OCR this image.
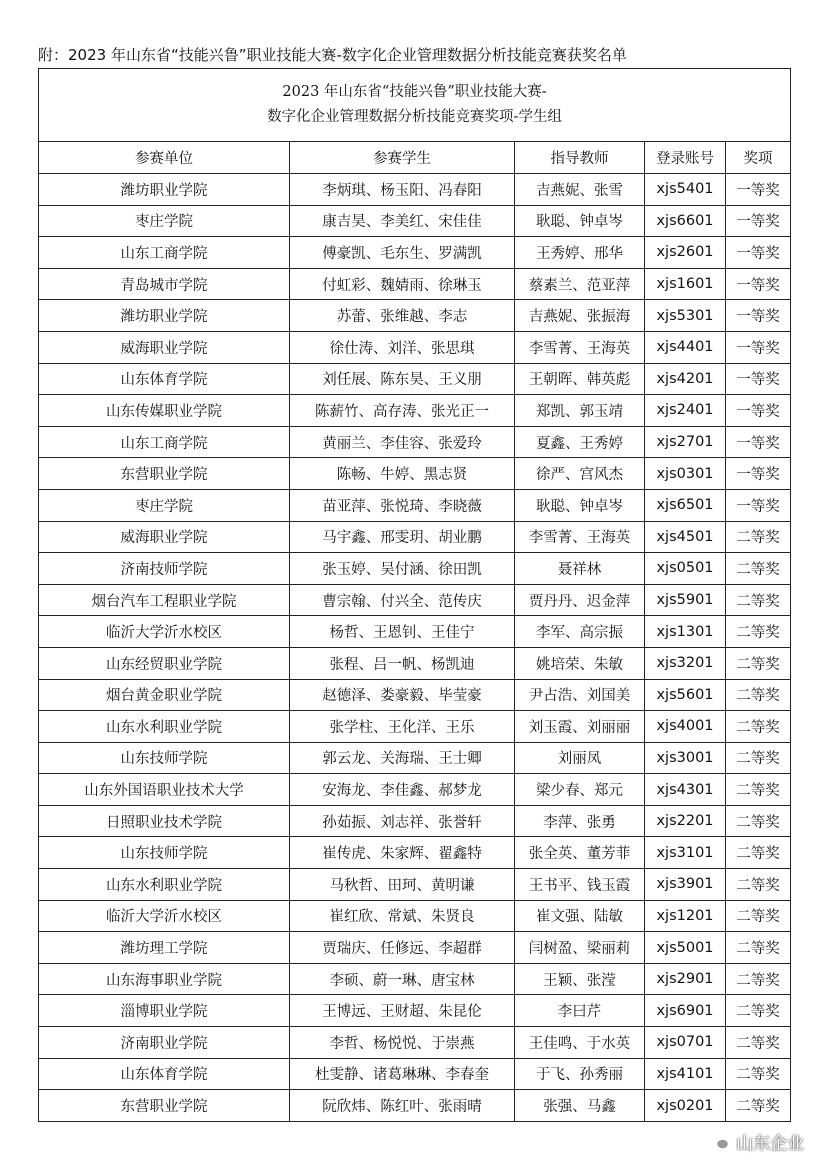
附：2023 年山东省“技能兴鲁”职业技能大赛-数字化企业管理数据分析技能竞赛获奖名单
2023 年山东省“技能兴鲁”职业技能大赛-
数字化企业管理数据分析技能竞赛奖项-学生组				

参赛单位	参赛学生	指导教师	登录账号	奖项
潍坊职业学院	李炳琪、杨玉阳、冯春阳	吉燕妮、张雪	xjs5401	一等奖
枣庄学院	康吉昊、李美红、宋佳佳	耿聪、钟卓岑	xjs6601	一等奖
山东工商学院	傅豪凯、毛东生、罗满凯	王秀婷、邢华	xjs2601	一等奖
青岛城市学院	付虹彩、魏婧雨、徐琳玉	蔡素兰、范亚萍	xjs1601	一等奖
潍坊职业学院	苏蕾、张维越、李志	吉燕妮、张振海	xjs5301	一等奖
威海职业学院	徐仕涛、刘洋、张思琪	李雪菁、王海英	xjs4401	一等奖
山东体育学院	刘任展、陈东昊、王义朋	王朝晖、韩英彪	xjs4201	一等奖
山东传媒职业学院	陈薪竹、高存涛、张光正一	郑凯、郭玉靖	xjs2401	一等奖
山东工商学院	黄丽兰、李佳容、张爱玲	夏鑫、王秀婷	xjs2701	一等奖
东营职业学院	陈畅、牛婷、黑志贤	徐严、宫风杰	xjs0301	一等奖
枣庄学院	苗亚萍、张悦琦、李晓薇	耿聪、钟卓岑	xjs6501	一等奖
威海职业学院	马宇鑫、邢雯玥、胡业鹏	李雪菁、王海英	xjs4501	二等奖
济南技师学院	张玉婷、吴付涵、徐田凯	聂祥林	xjs0501	二等奖
烟台汽车工程职业学院	曹宗翰、付兴全、范传庆	贾丹丹、迟金萍	xjs5901	二等奖
临沂大学沂水校区	杨哲、王恩钊、王佳宁	李军、高宗振	xjs1301	二等奖
山东经贸职业学院	张程、吕一帆、杨凯迪	姚培荣、朱敏	xjs3201	二等奖
烟台黄金职业学院	赵德泽、娄豪毅、毕莹豪	尹占浩、刘国美	xjs5601	二等奖
山东水利职业学院	张学柱、王化洋、王乐	刘玉霞、刘丽丽	xjs4001	二等奖
山东技师学院	郭云龙、关海瑞、王士卿	刘丽凤	xjs3001	二等奖
山东外国语职业技术大学	安海龙、李佳鑫、郝梦龙	梁少春、郑元	xjs4301	二等奖
日照职业技术学院	孙茹振、刘志祥、张誉轩	李萍、张勇	xjs2201	二等奖
山东技师学院	崔传虎、朱家辉、翟鑫特	张全英、董芳菲	xjs3101	二等奖
山东水利职业学院	马秋哲、田珂、黄明谦	王书平、钱玉霞	xjs3901	二等奖
临沂大学沂水校区	崔红欣、常斌、朱贤良	崔文强、陆敏	xjs1201	二等奖
潍坊理工学院	贾瑞庆、任修远、李超群	闫树盈、梁丽莉	xjs5001	二等奖
山东海事职业学院	李硕、蔚一琳、唐宝林	王颖、张滢	xjs2901	二等奖
淄博职业学院	王博远、王财超、朱昆伦	李曰芹	xjs6901	二等奖
济南职业学院	李哲、杨悦悦、于崇燕	王佳鸣、于水英	xjs0701	二等奖
山东体育学院	杜雯静、诸葛琳琳、李春奎	于飞、孙秀丽	xjs4101	二等奖
东营职业学院	阮欣炜、陈红叶、张雨晴	张强、马鑫	xjs0201	二等奖
山东企业
